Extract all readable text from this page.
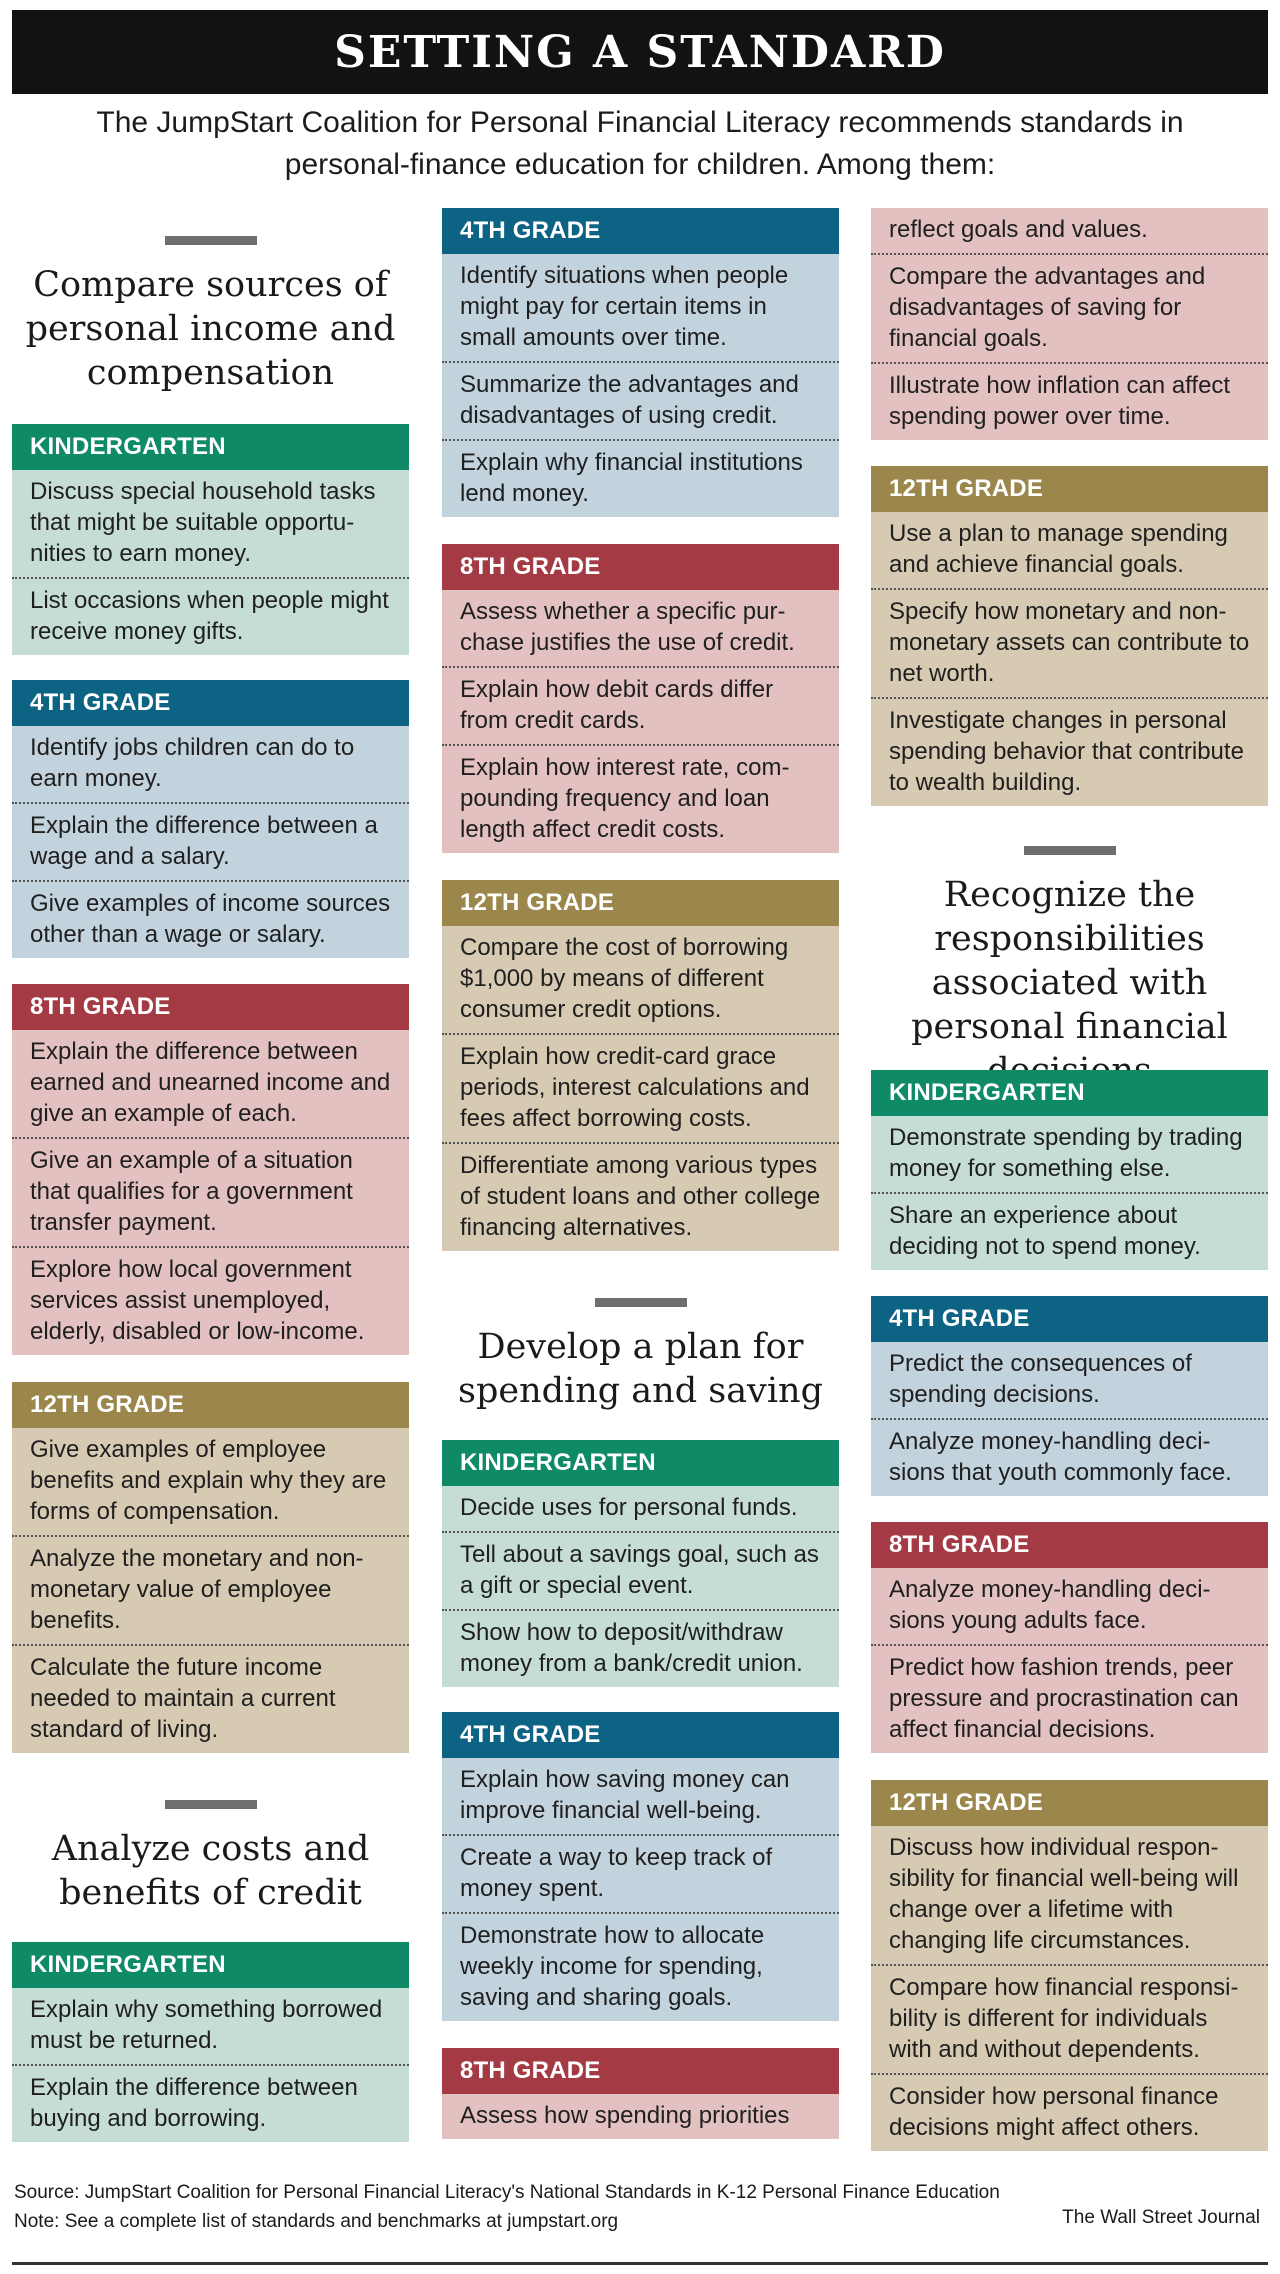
SETTING A STANDARD
The JumpStart Coalition for Personal Financial Literacy recommends standards in personal-finance education for children. Among them:
Compare sources of personal income and compensation
KINDERGARTEN
Discuss special household tasks that might be suitable opportunities to earn money.
List occasions when people might receive money gifts.
4TH GRADE
Identify jobs children can do to earn money.
Explain the difference between a wage and a salary.
Give examples of income sources other than a wage or salary.
8TH GRADE
Explain the difference between earned and unearned income and give an example of each.
Give an example of a situation that qualifies for a government transfer payment.
Explore how local government services assist unemployed, elderly, disabled or low-income.
12TH GRADE
Give examples of employee benefits and explain why they are forms of compensation.
Analyze the monetary and nonmonetary value of employee benefits.
Calculate the future income needed to maintain a current standard of living.
Analyze costs and benefits of credit
KINDERGARTEN
Explain why something borrowed must be returned.
Explain the difference between buying and borrowing.
4TH GRADE
Identify situations when people might pay for certain items in small amounts over time.
Summarize the advantages and disadvantages of using credit.
Explain why financial institutions lend money.
8TH GRADE
Assess whether a specific purchase justifies the use of credit.
Explain how debit cards differ from credit cards.
Explain how interest rate, compounding frequency and loan length affect credit costs.
12TH GRADE
Compare the cost of borrowing $1,000 by means of different consumer credit options.
Explain how credit-card grace periods, interest calculations and fees affect borrowing costs.
Differentiate among various types of student loans and other college financing alternatives.
Develop a plan for spending and saving
KINDERGARTEN
Decide uses for personal funds.
Tell about a savings goal, such as a gift or special event.
Show how to deposit/withdraw money from a bank/credit union.
4TH GRADE
Explain how saving money can improve financial well-being.
Create a way to keep track of money spent.
Demonstrate how to allocate weekly income for spending, saving and sharing goals.
8TH GRADE
Assess how spending priorities
reflect goals and values.
Compare the advantages and disadvantages of saving for financial goals.
Illustrate how inflation can affect spending power over time.
12TH GRADE
Use a plan to manage spending and achieve financial goals.
Specify how monetary and nonmonetary assets can contribute to net worth.
Investigate changes in personal spending behavior that contribute to wealth building.
Recognize the responsibilities associated with personal financial
KINDERGARTEN
Demonstrate spending by trading money for something else.
Share an experience about deciding not to spend money.
4TH GRADE
Predict the consequences of spending decisions.
Analyze money-handling decisions that youth commonly face.
8TH GRADE
Analyze money-handling decisions young adults face.
Predict how fashion trends, peer pressure and procrastination can affect financial decisions.
12TH GRADE
Discuss how individual responsibility for financial well-being will change over a lifetime with changing life circumstances.
Compare how financial responsibility is different for individuals with and without dependents.
Consider how personal finance decisions might affect others.
Source: JumpStart Coalition for Personal Financial Literacy's National Standards in K-12 Personal Finance Education
Note: See a complete list of standards and benchmarks at jumpstart.org	The Wall Street Journal
